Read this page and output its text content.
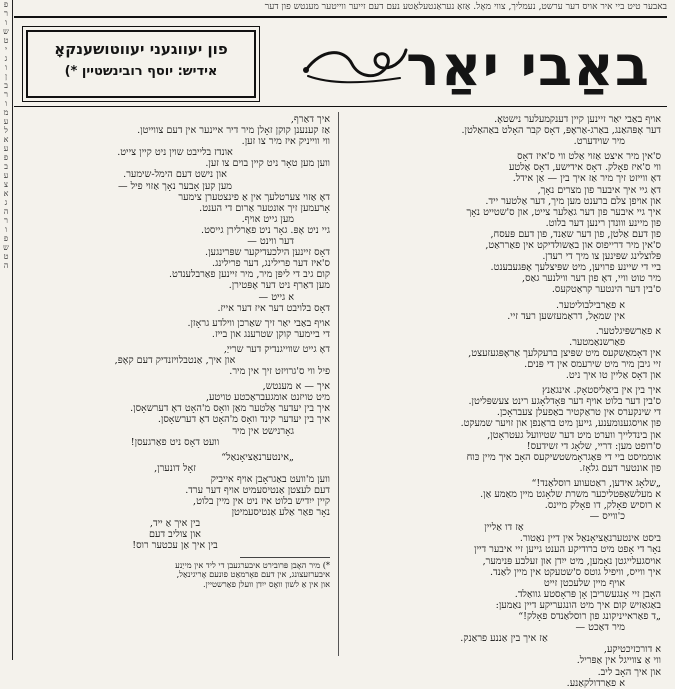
באבער טיט ביי איר אויס דער ערשט, נעמליך, צווי מאָל. אַזאַ נעראַנטעלאַטע נעם דעם זייער ווייטער מענטש פון דער
פ
ר
ו
ש
ט
י
ג
ו
ן
ב
ר
ו
מ
ע
ל
א
ע
פ
ב
ע
צ
א
ג
ה
ר
ו
פ
ש
ט
ה
באַבי יאַר
פון יעווגעני יעווטושענקאָ
אידיש: יוסף רובינשטיין *)

אויף באַבי יאַר זיינען קיין דענקמעלער נישטאָ.

דער אָפּהאַנג, באַרג-אַראָפּ, דאָס קבר האָלט באַהאַלטן.

מיר שוידערט.

ס'אין מיר איצט אַזוי אַלט ווי ס'איז דאָס

ווי ס'איז פאָלק. דאָס אידישע, דאָס אַלטע

דאָ ווייזט זיך מיר אַז איך בין — אַן אידל.

דאָ גיי איך איבער פון מצרים נאָך,

און אויפן צלם ברענט מען מיך, דער אַלטער ייד.

איך גיי איבער פון דער גאַלער צייט, און ס'שטייט נאָך

פון מיינע ווונדן רינען דער בלוט.

פון דעם אַלטן, פון דער שאַנד, פון דעם פּעסח,

ס'אין מיר דרייפוס און באַשולדיקט אין פאַרראַט,

פּלוצלינג שפּינען צו מיך די רעדן.

ביי די שיינע פרויען, מיט שפּיצלעך אָפּגעבענט.

מיר טוט וויי, דאָ פון דער ווילנער גאַס,

ס'בין דער הינטער קראַטקעס.

א פאַרבילבוליטער.

אין שמאָל, דראַמעזשען רעד זיי.

א פאַרשפּיגלטער.

פאַרשנאַמטער.

אין דאָמאַשקעס מיט שפּיצן ברעקלעך אַראָפּגעזעצט,

זיי גיבן מיר מיט שירעמס אין די פּנים.

און דאָס אַליין טו איך ניט.

איך בין אין ביאַליסטאָק. אינגאַנץ

ס'בין דער בלוט אויף דער פּאָדלאָגע רינט צעשפּליטן.

די שינקערס אין טראַקטיר באַפעלן צעבראָכן.

פון אויסגענומענע, גייען מיט בראַנפן און זויער שמעקט.

און בינדלייך ווערט מיט דער שטיוועל געטראָטן,

ס'רופט מען: דריי, שלאָג די זשידעס!

אוממיסט ביי די פּאַגראָמשטשיקעס האָב איך מיין כּוח

פון אונטער דעם גלאָז.

„שלאָג אידען, ראַטעווע רוסלאַנד!“

א מעלשאַפּטליכער משרת שלאָגט מיין מאַמע אַן.

א רוסיש פאָלק, דו פאָלק מיינס.

כ'ווייס —

אַז דו אַליין

ביסט אינטערנאַציאָנאַל אין דיין נאַטור.

נאָר די אָפט מיט ברודיקע הענט גייען זיי איבער דיין

אויסגעלייגטן נאָמען, מיט ייִדן און זעלבע פּנימער,

איך ווייס, וויפיל גוטס ס'שטעקט אין מיין לאַנד.

אויף מיין שלעכטן זייט

האָבן זיי אָנגעשריבן אָן פּראָסטע גוואַלד.

באַגאַזיש קום איך מיט הונגעריקע דיין נאַמען:

„ד פאַראייניקונג פון רוסלאַנדס פאָלק!“

מיר דאַכט —

אַז איך בין אַננע פראַנק.

א דורכזיכטיקע,

ווי אַ צווייגל אין אַפּריל.

און איך האָב ליב.

א פאַרדולקאַנע.

איך דאַרף,

אַז קענענן קוקן זאָלן מיר דיר איינער אין דעם צווייטן.

ווי ווייניק איז מיר צו זען.

אונדז בלייבט שוין ניט קיין צייט.

ווען מען טאָר ניט קיין בוים צו זען.

און נישט דעם הימל-שימער.

מען קען אָבער נאָך אַזוי פיל —

דאָ אַזוי צערטלעך אין אַ פינצטערן צימער

אָרעמען זיך אונטער אַרום די הענט.

מען גייט אויף.

גיי ניט אָפּ. גאָר ניט פאַרלירן גייסט.

דער ווינט —

דאָס זיינען הילכעדיקער שפּרינגען.

ס'איז דער פרילינג, דער פרילינג.

קום גיב די ליפּן מיר, מיר זיינען פאַרבלענדט.

מען דאַרף ניט דער אָפּטירן.

א גייט —

דאָס בלויבט דער איז דער אייז.

אויף באַבי יאַר זיך שאַרכן ווילדע גראָזן.

די ביימער קוקן שטרענג און בייז.

דאָ גייט שווייגנדיק דער שרייַ,

און איך, אַנטבלויזנדיק דעם קאָפּ,

פיל ווי ס'גרויזט זיך אין מיר.

איך — א מענטש,

מיט טויזנט אומגעבראַכטע טויטע,

איך בין יעדער אַלטער מאַן וואָס מ'האָט דאָ דערשאָסן.

איך בין יעדער קינד וואָס מ'האָט דאָ דערשאָסן.

גאָרנישט אין מיר

וועט דאָס ניט פאַרגעסן!

„אינטערנאַציאָנאַל“

זאָל דונערן,

ווען מ'וועט באַגראָבן אויף אייביק

דעם לעצטן אַנטיסעמיט אויף דער ערד.

קיין ייִדיש בלוט איז ניט אין מיין בלוט,

נאָר פאַר אַלע אַנטיסעמיטן

בין איך אַ ייד,

און צוליב דעם

בין איך אַן עכטער רוס!

*) מיר האָבן פּרובירט איבערגעבן די ליד אין מייַנע

איבערזעצונג, אין דעם פאָרמאַט פונעם אָריגינאַל,

און אין אַ לשון וואָס ייִדן וועלן פאַרשטיין.
